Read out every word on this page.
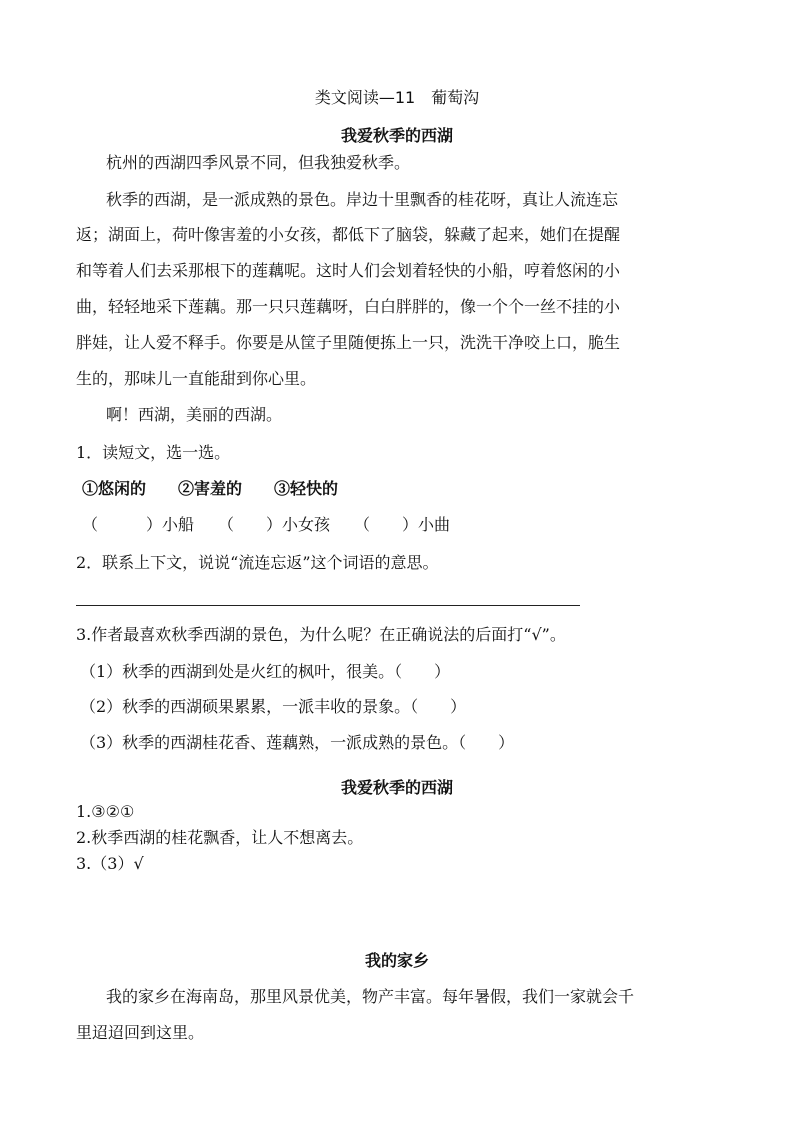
类文阅读—11　葡萄沟
我爱秋季的西湖
杭州的西湖四季风景不同，但我独爱秋季。
秋季的西湖，是一派成熟的景色。岸边十里飘香的桂花呀，真让人流连忘
返；湖面上，荷叶像害羞的小女孩，都低下了脑袋，躲藏了起来，她们在提醒
和等着人们去采那根下的莲藕呢。这时人们会划着轻快的小船，哼着悠闲的小
曲，轻轻地采下莲藕。那一只只莲藕呀，白白胖胖的，像一个个一丝不挂的小
胖娃，让人爱不释手。你要是从筐子里随便拣上一只，洗洗干净咬上口，脆生
生的，那味儿一直能甜到你心里。
啊！西湖，美丽的西湖。
1．读短文，选一选。
①悠闲的　　②害羞的　　③轻快的
（　　　）小船　　（　　）小女孩　　（　　）小曲
2．联系上下文，说说“流连忘返”这个词语的意思。
3.作者最喜欢秋季西湖的景色，为什么呢？在正确说法的后面打“√”。
（1）秋季的西湖到处是火红的枫叶，很美。（　　）
（2）秋季的西湖硕果累累，一派丰收的景象。（　　）
（3）秋季的西湖桂花香、莲藕熟，一派成熟的景色。（　　）
我爱秋季的西湖
1.③②①
2.秋季西湖的桂花飘香，让人不想离去。
3.（3）√
我的家乡
我的家乡在海南岛，那里风景优美，物产丰富。每年暑假，我们一家就会千
里迢迢回到这里。
